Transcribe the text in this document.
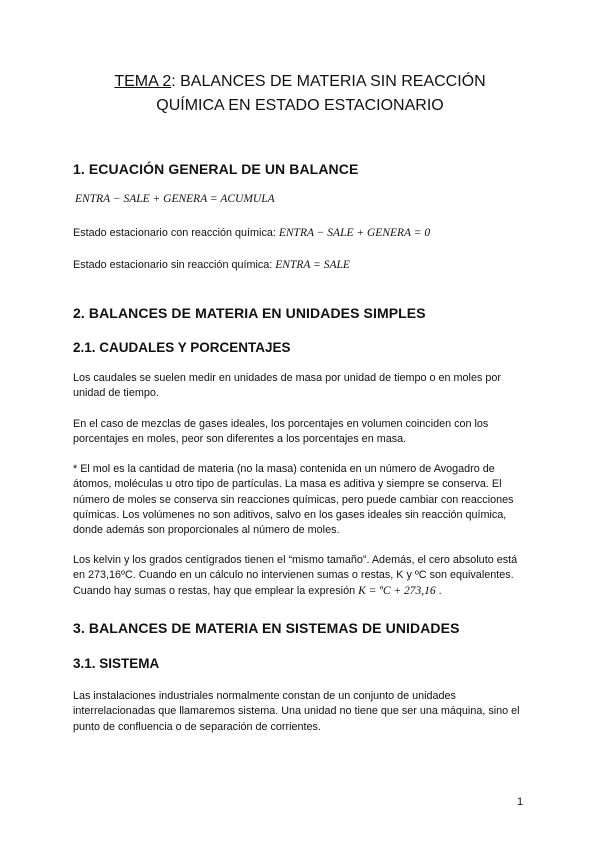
TEMA 2: BALANCES DE MATERIA SIN REACCIÓN
QUÍMICA EN ESTADO ESTACIONARIO
1. ECUACIÓN GENERAL DE UN BALANCE
ENTRA − SALE + GENERA = ACUMULA
Estado estacionario con reacción química: ENTRA − SALE + GENERA = 0
Estado estacionario sin reacción química: ENTRA = SALE
2. BALANCES DE MATERIA EN UNIDADES SIMPLES
2.1. CAUDALES Y PORCENTAJES
Los caudales se suelen medir en unidades de masa por unidad de tiempo o en moles por unidad de tiempo.
En el caso de mezclas de gases ideales, los porcentajes en volumen coinciden con los porcentajes en moles, peor son diferentes a los porcentajes en masa.
* El mol es la cantidad de materia (no la masa) contenida en un número de Avogadro de átomos, moléculas u otro tipo de partículas. La masa es aditiva y siempre se conserva. El número de moles se conserva sin reacciones químicas, pero puede cambiar con reacciones químicas. Los volúmenes no son aditivos, salvo en los gases ideales sin reacción química, donde además son proporcionales al número de moles.
Los kelvin y los grados centígrados tienen el “mismo tamaño”. Además, el cero absoluto está en 273,16ºC. Cuando en un cálculo no intervienen sumas o restas, K y ºC son equivalentes. Cuando hay sumas o restas, hay que emplear la expresión K = ºC + 273,16 .
3. BALANCES DE MATERIA EN SISTEMAS DE UNIDADES
3.1. SISTEMA
Las instalaciones industriales normalmente constan de un conjunto de unidades interrelacionadas que llamaremos sistema. Una unidad no tiene que ser una máquina, sino el punto de confluencia o de separación de corrientes.
1
